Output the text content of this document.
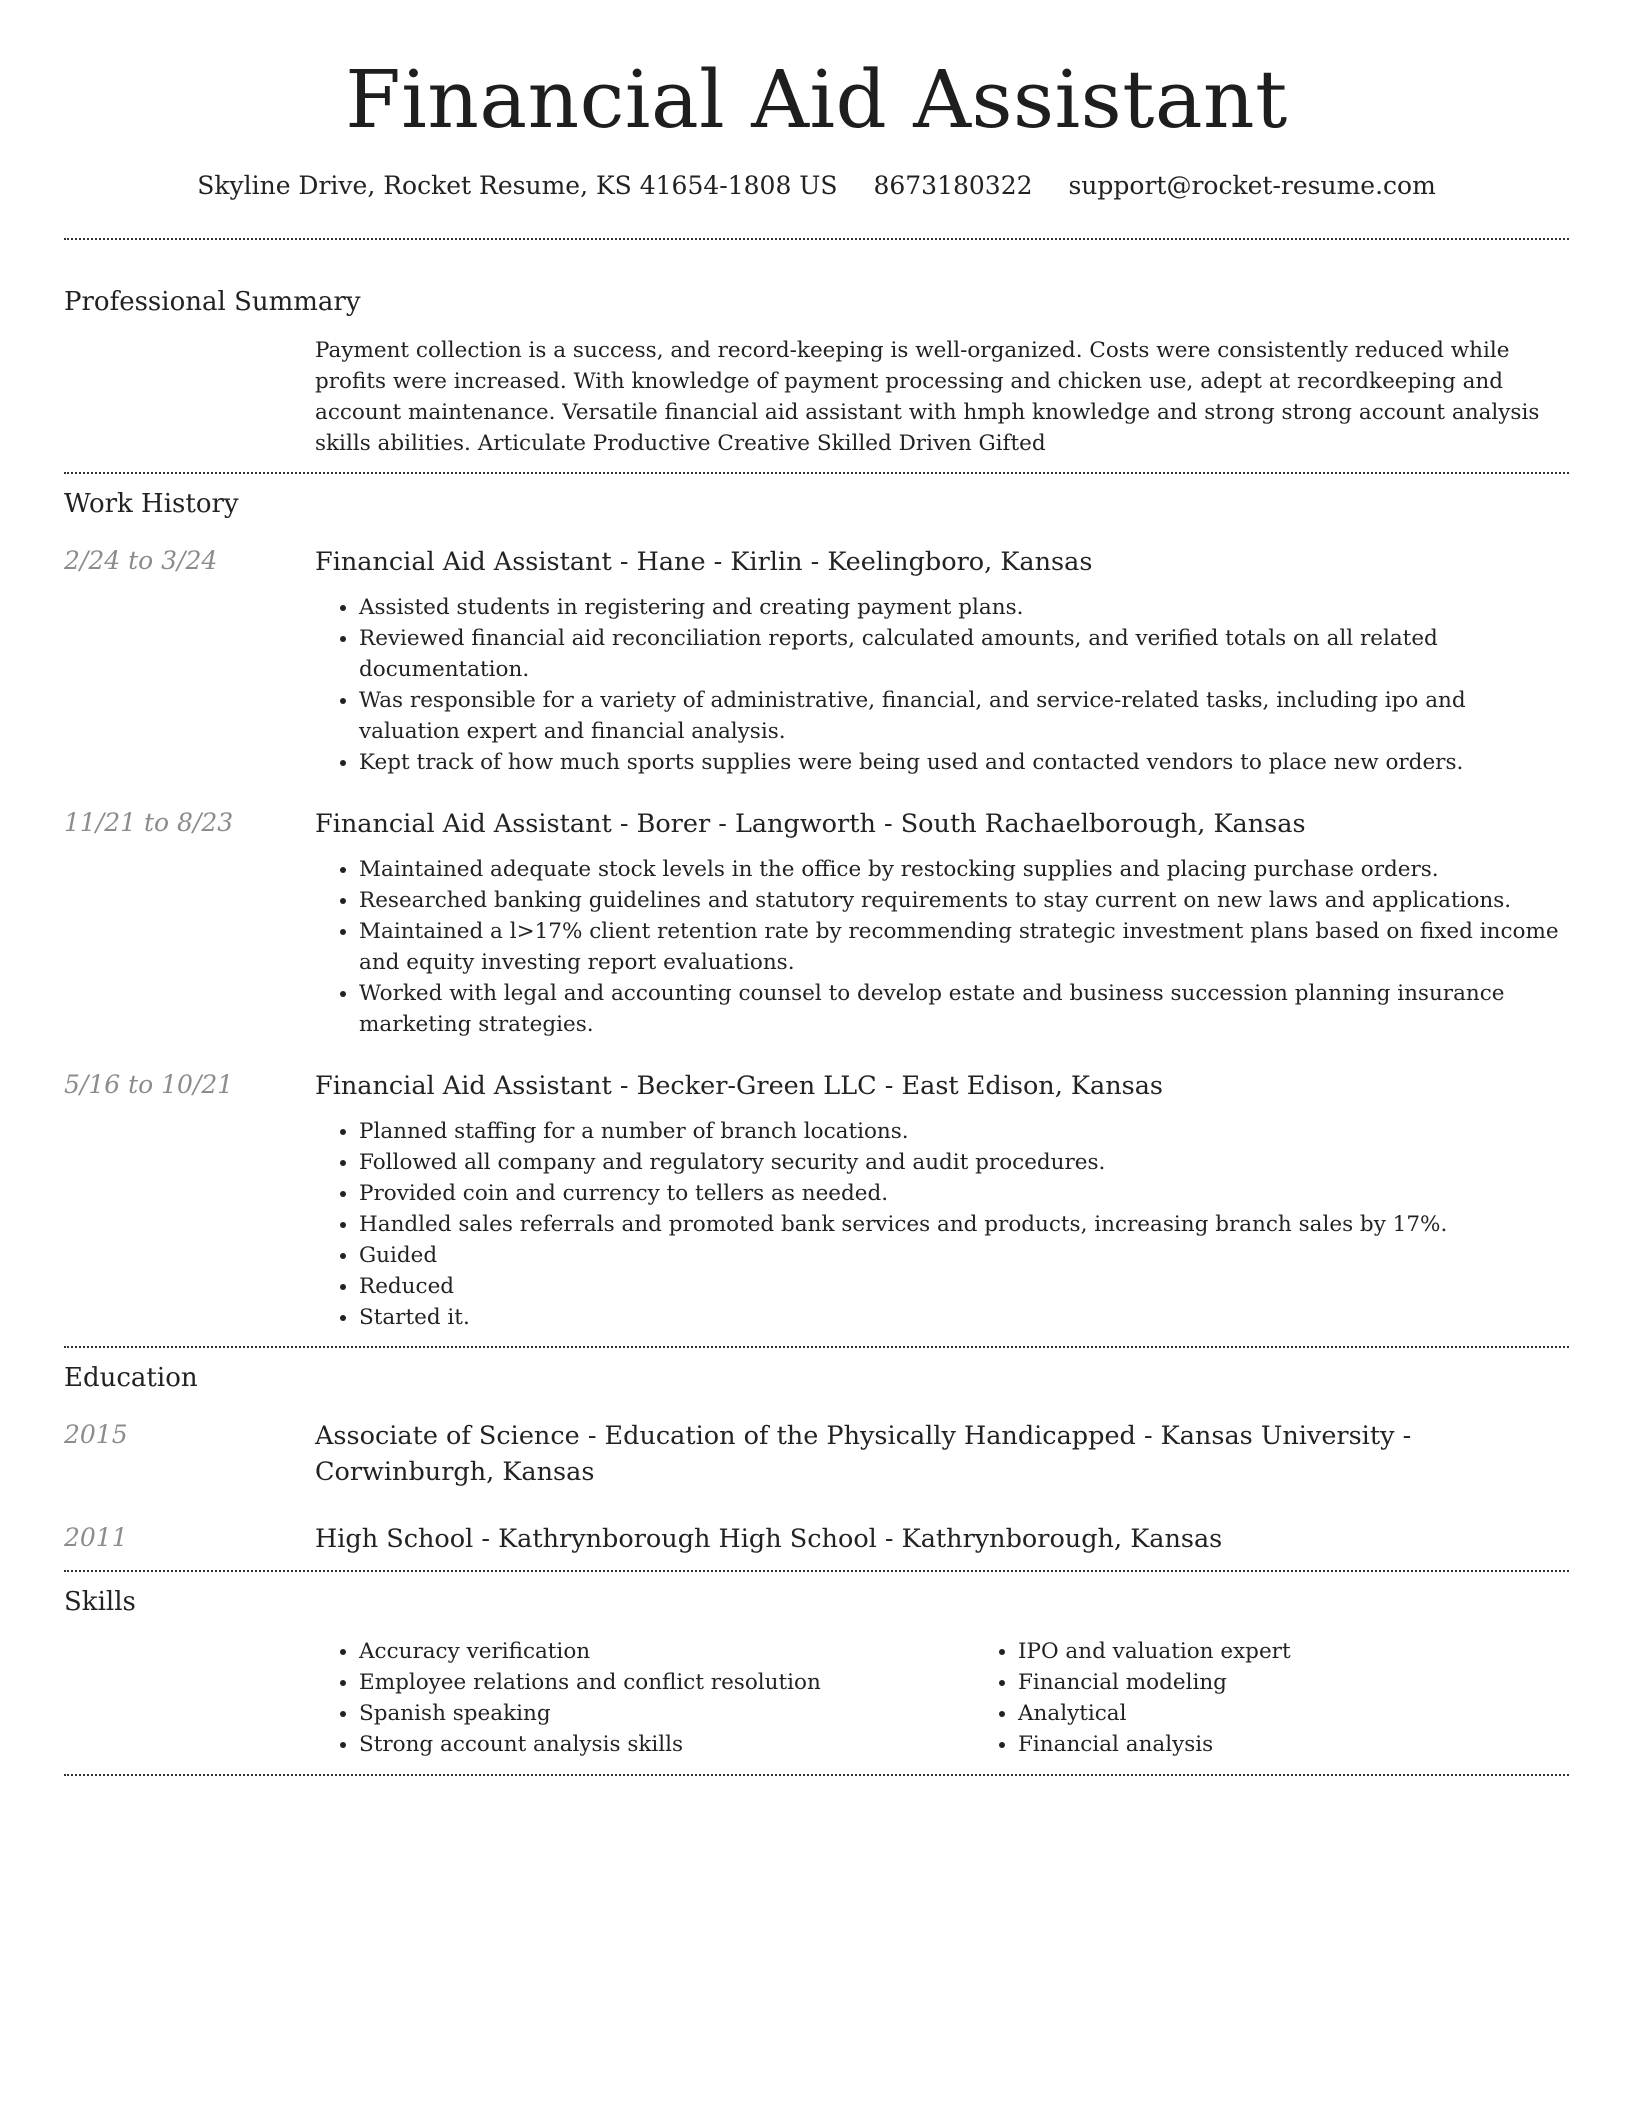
Financial Aid Assistant
Skyline Drive, Rocket Resume, KS 41654-1808 US 8673180322 support@rocket-resume.com
Professional Summary

Payment collection is a success, and record-keeping is well-organized. Costs were consistently reduced while profits were increased. With knowledge of payment processing and chicken use, adept at recordkeeping and account maintenance. Versatile financial aid assistant with hmph knowledge and strong strong account analysis skills abilities. Articulate Productive Creative Skilled Driven Gifted

Work History
2/24 to 3/24	Financial Aid Assistant - Hane - Kirlin - Keelingboro, Kansas

• Assisted students in registering and creating payment plans.
• Reviewed financial aid reconciliation reports, calculated amounts, and verified totals on all related documentation.
• Was responsible for a variety of administrative, financial, and service-related tasks, including ipo and valuation expert and financial analysis.
• Kept track of how much sports supplies were being used and contacted vendors to place new orders.
11/21 to 8/23	Financial Aid Assistant - Borer - Langworth - South Rachaelborough, Kansas

• Maintained adequate stock levels in the office by restocking supplies and placing purchase orders.
• Researched banking guidelines and statutory requirements to stay current on new laws and applications.
• Maintained a l>17% client retention rate by recommending strategic investment plans based on fixed income and equity investing report evaluations.
• Worked with legal and accounting counsel to develop estate and business succession planning insurance marketing strategies.
5/16 to 10/21	Financial Aid Assistant - Becker-Green LLC - East Edison, Kansas

• Planned staffing for a number of branch locations.
• Followed all company and regulatory security and audit procedures.
• Provided coin and currency to tellers as needed.
• Handled sales referrals and promoted bank services and products, increasing branch sales by 17%.
• Guided
• Reduced
• Started it.
Education
2015	Associate of Science - Education of the Physically Handicapped - Kansas University - Corwinburgh, Kansas

2011	High School - Kathrynborough High School - Kathrynborough, Kansas

Skills
• Accuracy verification
• Employee relations and conflict resolution
• Spanish speaking
• Strong account analysis skills
• IPO and valuation expert
• Financial modeling
• Analytical
• Financial analysis
